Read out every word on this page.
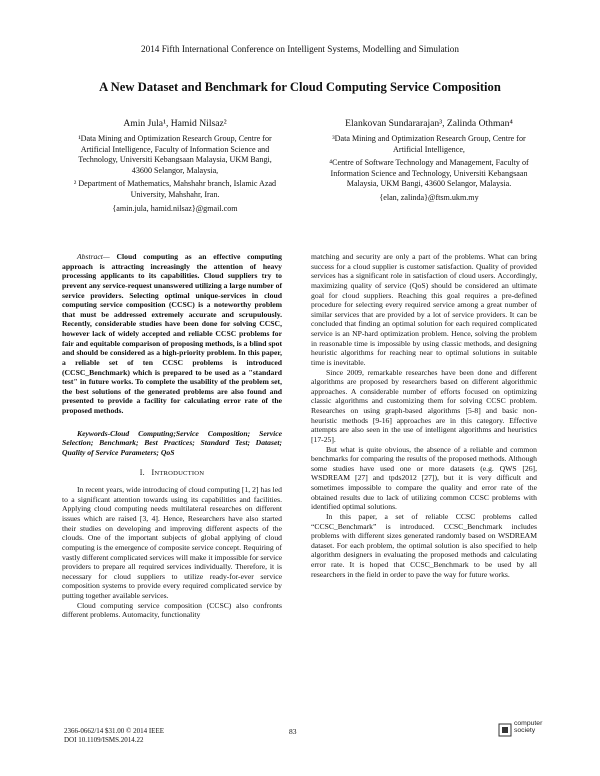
2014 Fifth International Conference on Intelligent Systems, Modelling and Simulation
A New Dataset and Benchmark for Cloud Computing Service Composition
Amin Jula¹, Hamid Nilsaz²

¹Data Mining and Optimization Research Group, Centre for Artificial Intelligence, Faculty of Information Science and Technology, Universiti Kebangsaan Malaysia, UKM Bangi, 43600 Selangor, Malaysia,

² Department of Mathematics, Mahshahr branch, Islamic Azad University, Mahshahr, Iran.

{amin.jula, hamid.nilsaz}@gmail.com

Elankovan Sundararajan³, Zalinda Othman⁴

³Data Mining and Optimization Research Group, Centre for Artificial Intelligence,

⁴Centre of Software Technology and Management, Faculty of Information Science and Technology, Universiti Kebangsaan Malaysia, UKM Bangi, 43600 Selangor, Malaysia.

{elan, zalinda}@ftsm.ukm.my

Abstract— Cloud computing as an effective computing approach is attracting increasingly the attention of heavy processing applicants to its capabilities. Cloud suppliers try to prevent any service-request unanswered utilizing a large number of service providers. Selecting optimal unique-services in cloud computing service composition (CCSC) is a noteworthy problem that must be addressed extremely accurate and scrupulously. Recently, considerable studies have been done for solving CCSC, however lack of widely accepted and reliable CCSC problems for fair and equitable comparison of proposing methods, is a blind spot and should be considered as a high-priority problem. In this paper, a reliable set of ten CCSC problems is introduced (CCSC_Benchmark) which is prepared to be used as a "standard test" in future works. To complete the usability of the problem set, the best solutions of the generated problems are also found and presented to provide a facility for calculating error rate of the proposed methods.

Keywords-Cloud Computing;Service Composition; Service Selection; Benchmark; Best Practices; Standard Test; Dataset; Quality of Service Parameters; QoS

I. INTRODUCTION

In recent years, wide introducing of cloud computing [1, 2] has led to a significant attention towards using its capabilities and facilities. Applying cloud computing needs multilateral researches on different issues which are raised [3, 4]. Hence, Researchers have also started their studies on developing and improving different aspects of the clouds. One of the important subjects of global applying of cloud computing is the emergence of composite service concept. Requiring of vastly different complicated services will make it impossible for service providers to prepare all required services individually. Therefore, it is necessary for cloud suppliers to utilize ready-for-ever service composition systems to provide every required complicated service by putting together available services.

Cloud computing service composition (CCSC) also confronts different problems. Automacity, functionality

matching and security are only a part of the problems. What can bring success for a cloud supplier is customer satisfaction. Quality of provided services has a significant role in satisfaction of cloud users. Accordingly, maximizing quality of service (QoS) should be considered an ultimate goal for cloud suppliers. Reaching this goal requires a pre-defined procedure for selecting every required service among a great number of similar services that are provided by a lot of service providers. It can be concluded that finding an optimal solution for each required complicated service is an NP-hard optimization problem. Hence, solving the problem in reasonable time is impossible by using classic methods, and designing heuristic algorithms for reaching near to optimal solutions in suitable time is inevitable.

Since 2009, remarkable researches have been done and different algorithms are proposed by researchers based on different algorithmic approaches. A considerable number of efforts focused on optimizing classic algorithms and customizing them for solving CCSC problem. Researches on using graph-based algorithms [5-8] and basic non-heuristic methods [9-16] approaches are in this category. Effective attempts are also seen in the use of intelligent algorithms and heuristics [17-25].

But what is quite obvious, the absence of a reliable and common benchmarks for comparing the results of the proposed methods. Although some studies have used one or more datasets (e.g. QWS [26], WSDREAM [27] and tpds2012 [27]), but it is very difficult and sometimes impossible to compare the quality and error rate of the obtained results due to lack of utilizing common CCSC problems with identified optimal solutions.

In this paper, a set of reliable CCSC problems called “CCSC_Benchmark” is introduced. CCSC_Benchmark includes problems with different sizes generated randomly based on WSDREAM dataset. For each problem, the optimal solution is also specified to help algorithm designers in evaluating the proposed methods and calculating error rate. It is hoped that CCSC_Benchmark to be used by all researchers in the field in order to pave the way for future works.

2366-0662/14 $31.00 © 2014 IEEE
DOI 10.1109/ISMS.2014.22
83
computer
society
